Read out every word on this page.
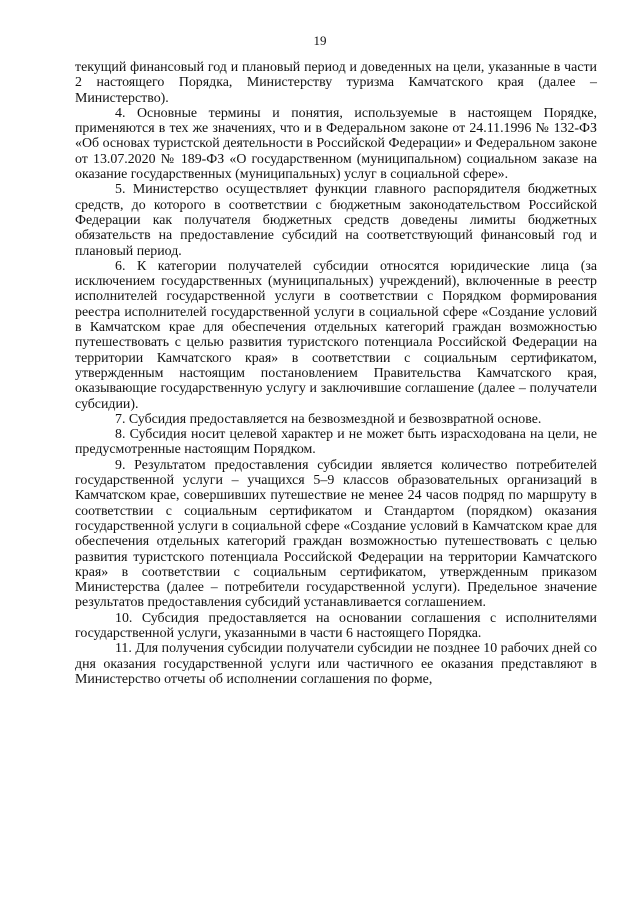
19

текущий финансовый год и плановый период и доведенных на цели, указанные в части 2 настоящего Порядка, Министерству туризма Камчатского края (далее – Министерство).

4. Основные термины и понятия, используемые в настоящем Порядке, применяются в тех же значениях, что и в Федеральном законе от 24.11.1996 № 132-ФЗ «Об основах туристской деятельности в Российской Федерации» и Федеральном законе от 13.07.2020 № 189-ФЗ «О государственном (муниципальном) социальном заказе на оказание государственных (муниципальных) услуг в социальной сфере».

5. Министерство осуществляет функции главного распорядителя бюджетных средств, до которого в соответствии с бюджетным законодательством Российской Федерации как получателя бюджетных средств доведены лимиты бюджетных обязательств на предоставление субсидий на соответствующий финансовый год и плановый период.

6. К категории получателей субсидии относятся юридические лица (за исключением государственных (муниципальных) учреждений), включенные в реестр исполнителей государственной услуги в соответствии с Порядком формирования реестра исполнителей государственной услуги в социальной сфере «Создание условий в Камчатском крае для обеспечения отдельных категорий граждан возможностью путешествовать с целью развития туристского потенциала Российской Федерации на территории Камчатского края» в соответствии с социальным сертификатом, утвержденным настоящим постановлением Правительства Камчатского края, оказывающие государственную услугу и заключившие соглашение (далее – получатели субсидии).

7. Субсидия предоставляется на безвозмездной и безвозвратной основе.

8. Субсидия носит целевой характер и не может быть израсходована на цели, не предусмотренные настоящим Порядком.

9. Результатом предоставления субсидии является количество потребителей государственной услуги – учащихся 5–9 классов образовательных организаций в Камчатском крае, совершивших путешествие не менее 24 часов подряд по маршруту в соответствии с социальным сертификатом и Стандартом (порядком) оказания государственной услуги в социальной сфере «Создание условий в Камчатском крае для обеспечения отдельных категорий граждан возможностью путешествовать с целью развития туристского потенциала Российской Федерации на территории Камчатского края» в соответствии с социальным сертификатом, утвержденным приказом Министерства (далее – потребители государственной услуги). Предельное значение результатов предоставления субсидий устанавливается соглашением.

10. Субсидия предоставляется на основании соглашения с исполнителями государственной услуги, указанными в части 6 настоящего Порядка.

11. Для получения субсидии получатели субсидии не позднее 10 рабочих дней со дня оказания государственной услуги или частичного ее оказания представляют в Министерство отчеты об исполнении соглашения по форме,
